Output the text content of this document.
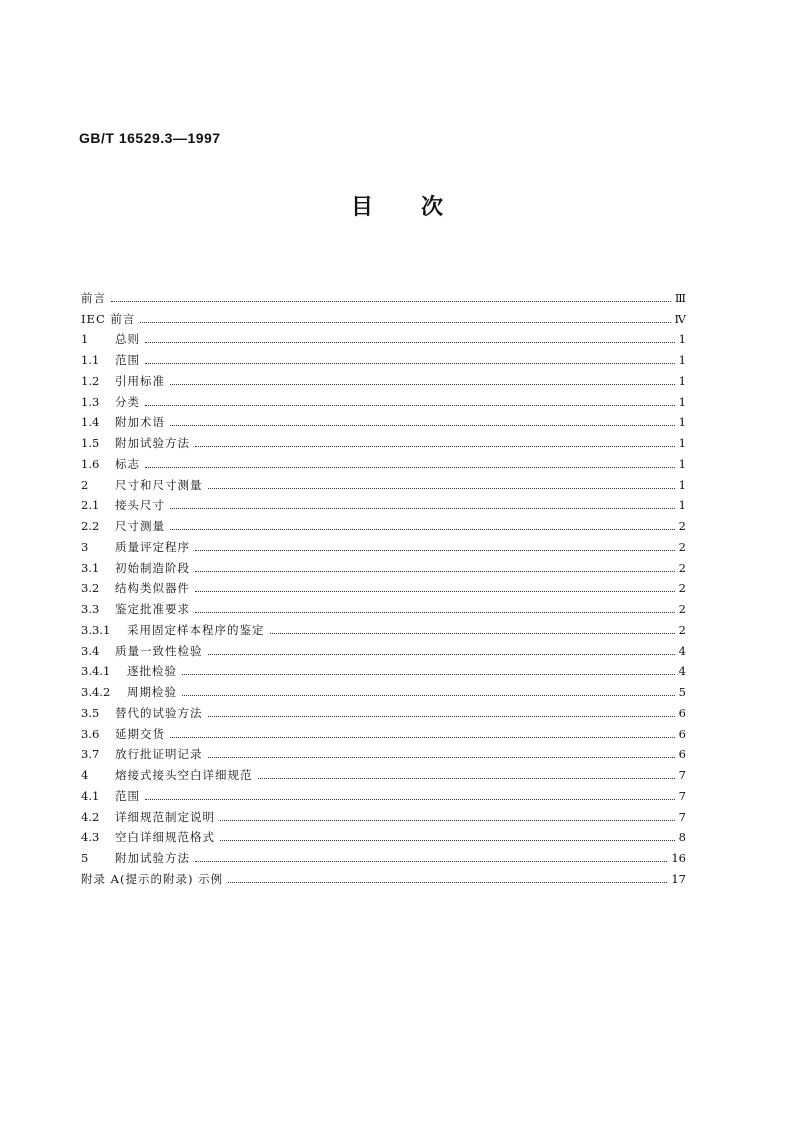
GB/T 16529.3—1997
目 次
前言	Ⅲ
IEC 前言	Ⅳ
1	总则	1
1.1	范围	1
1.2	引用标准	1
1.3	分类	1
1.4	附加术语	1
1.5	附加试验方法	1
1.6	标志	1
2	尺寸和尺寸测量	1
2.1	接头尺寸	1
2.2	尺寸测量	2
3	质量评定程序	2
3.1	初始制造阶段	2
3.2	结构类似器件	2
3.3	鉴定批准要求	2
3.3.1	采用固定样本程序的鉴定	2
3.4	质量一致性检验	4
3.4.1	逐批检验	4
3.4.2	周期检验	5
3.5	替代的试验方法	6
3.6	延期交货	6
3.7	放行批证明记录	6
4	熔接式接头空白详细规范	7
4.1	范围	7
4.2	详细规范制定说明	7
4.3	空白详细规范格式	8
5	附加试验方法	16
附录 A(提示的附录) 示例	17
